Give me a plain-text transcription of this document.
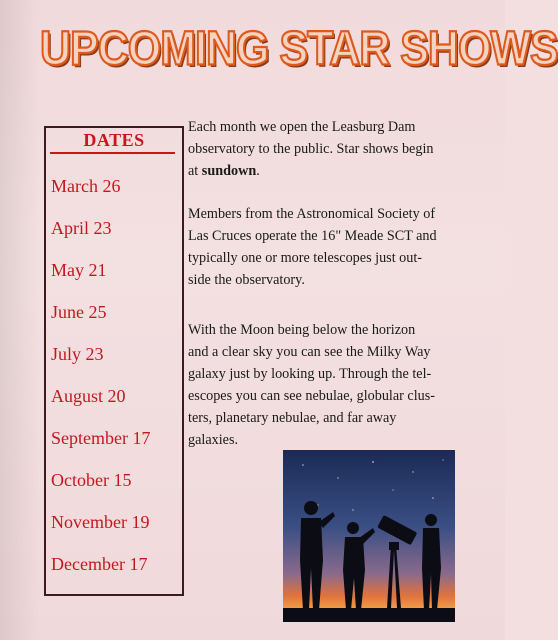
UPCOMING STAR SHOWS
DATES
March 26
April 23
May 21
June 25
July 23
August 20
September 17
October 15
November 19
December 17
Each month we open the Leasburg Dam
observatory to the public. Star shows begin
at sundown.
Members from the Astronomical Society of
Las Cruces operate the 16" Meade SCT and
typically one or more telescopes just out-
side the observatory.
With the Moon being below the horizon
and a clear sky you can see the Milky Way
galaxy just by looking up. Through the tel-
escopes you can see nebulae, globular clus-
ters, planetary nebulae, and far away
galaxies.
